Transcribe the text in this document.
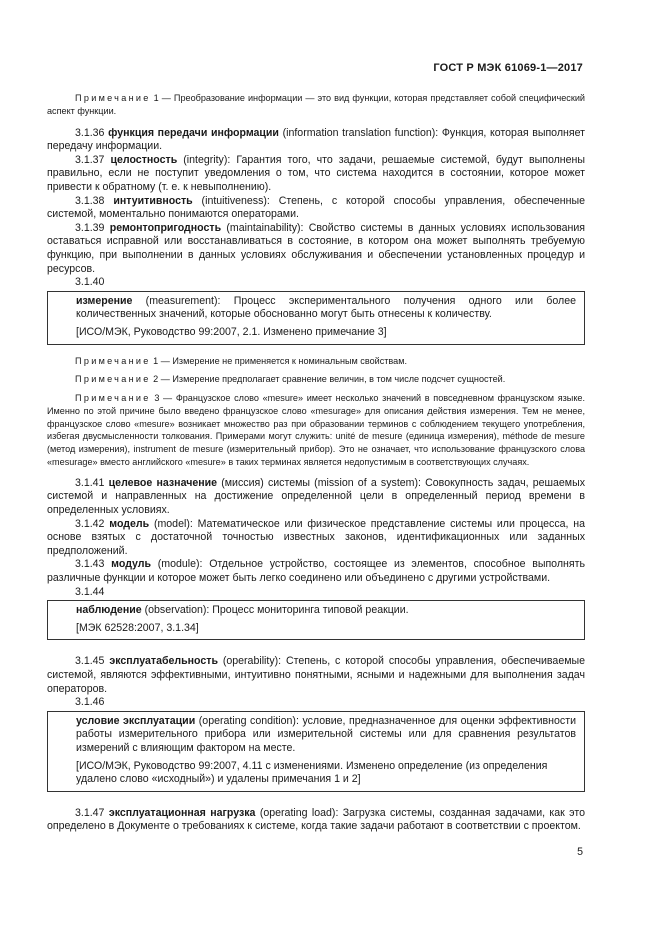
ГОСТ Р МЭК 61069-1—2017

Примечание 1 — Преобразование информации — это вид функции, которая представляет собой специфический аспект функции.

3.1.36 функция передачи информации (information translation function): Функция, которая выполняет передачу информации.

3.1.37 целостность (integrity): Гарантия того, что задачи, решаемые системой, будут выполнены правильно, если не поступит уведомления о том, что система находится в состоянии, которое может привести к обратному (т. е. к невыполнению).

3.1.38 интуитивность (intuitiveness): Степень, с которой способы управления, обеспеченные системой, моментально понимаются операторами.

3.1.39 ремонтопригодность (maintainability): Свойство системы в данных условиях использования оставаться исправной или восстанавливаться в состояние, в котором она может выполнять требуемую функцию, при выполнении в данных условиях обслуживания и обеспечении установленных процедур и ресурсов.

3.1.40

измерение (measurement): Процесс экспериментального получения одного или более количественных значений, которые обоснованно могут быть отнесены к количеству.

[ИСО/МЭК, Руководство 99:2007, 2.1. Изменено примечание 3]

Примечание 1 — Измерение не применяется к номинальным свойствам.

Примечание 2 — Измерение предполагает сравнение величин, в том числе подсчет сущностей.

Примечание 3 — Французское слово «mesure» имеет несколько значений в повседневном французском языке. Именно по этой причине было введено французское слово «mesurage» для описания действия измерения. Тем не менее, французское слово «mesure» возникает множество раз при образовании терминов с соблюдением текущего употребления, избегая двусмысленности толкования. Примерами могут служить: unité de mesure (единица измерения), méthode de mesure (метод измерения), instrument de mesure (измерительный прибор). Это не означает, что использование французского слова «mesurage» вместо английского «mesure» в таких терминах является недопустимым в соответствующих случаях.

3.1.41 целевое назначение (миссия) системы (mission of a system): Совокупность задач, решаемых системой и направленных на достижение определенной цели в определенный период времени в определенных условиях.

3.1.42 модель (model): Математическое или физическое представление системы или процесса, на основе взятых с достаточной точностью известных законов, идентификационных или заданных предположений.

3.1.43 модуль (module): Отдельное устройство, состоящее из элементов, способное выполнять различные функции и которое может быть легко соединено или объединено с другими устройствами.

3.1.44

наблюдение (observation): Процесс мониторинга типовой реакции.

[МЭК 62528:2007, 3.1.34]

3.1.45 эксплуатабельность (operability): Степень, с которой способы управления, обеспечиваемые системой, являются эффективными, интуитивно понятными, ясными и надежными для выполнения задач операторов.

3.1.46

условие эксплуатации (operating condition): условие, предназначенное для оценки эффективности работы измерительного прибора или измерительной системы или для сравнения результатов измерений с влияющим фактором на месте.

[ИСО/МЭК, Руководство 99:2007, 4.11 с изменениями. Изменено определение (из определения удалено слово «исходный») и удалены примечания 1 и 2]

3.1.47 эксплуатационная нагрузка (operating load): Загрузка системы, созданная задачами, как это определено в Документе о требованиях к системе, когда такие задачи работают в соответствии с проектом.

5
